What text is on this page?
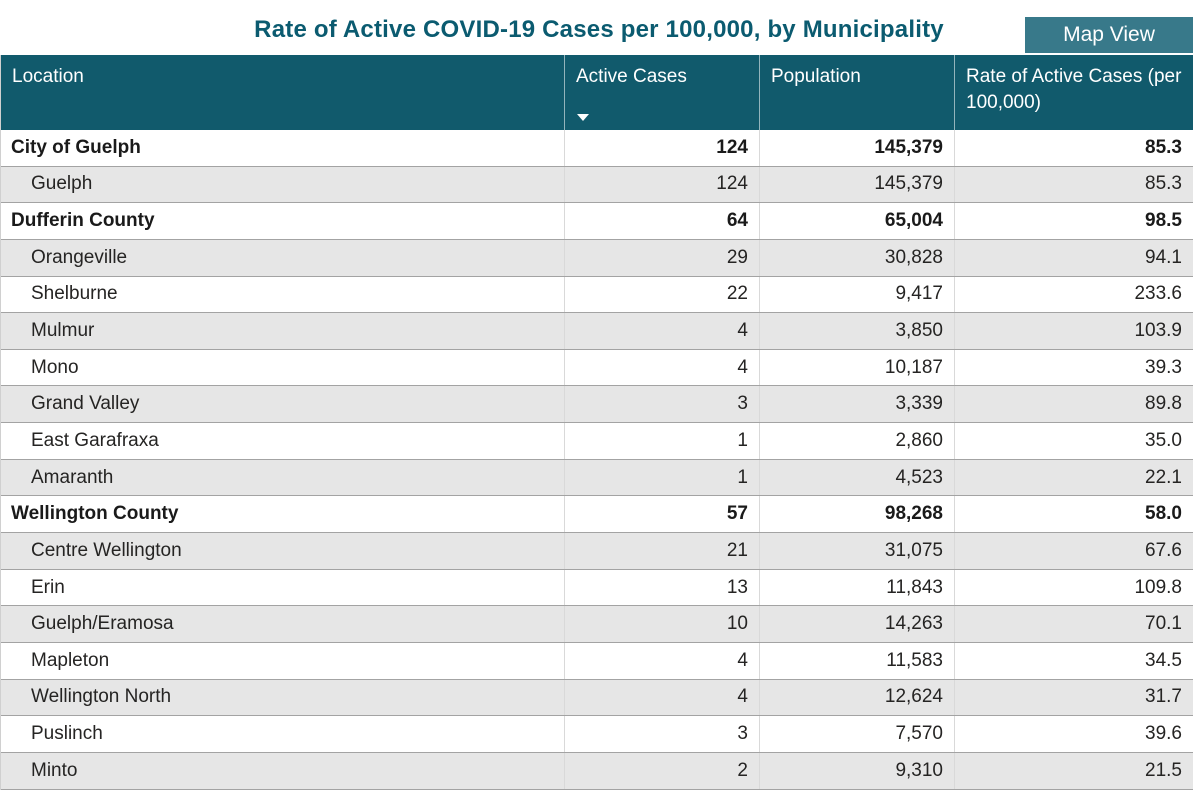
Rate of Active COVID-19 Cases per 100,000, by Municipality	Map View
Location	Active Cases	Population	Rate of Active Cases (per 100,000)
City of Guelph	124	145,379	85.3
Guelph	124	145,379	85.3
Dufferin County	64	65,004	98.5
Orangeville	29	30,828	94.1
Shelburne	22	9,417	233.6
Mulmur	4	3,850	103.9
Mono	4	10,187	39.3
Grand Valley	3	3,339	89.8
East Garafraxa	1	2,860	35.0
Amaranth	1	4,523	22.1
Wellington County	57	98,268	58.0
Centre Wellington	21	31,075	67.6
Erin	13	11,843	109.8
Guelph/Eramosa	10	14,263	70.1
Mapleton	4	11,583	34.5
Wellington North	4	12,624	31.7
Puslinch	3	7,570	39.6
Minto	2	9,310	21.5
